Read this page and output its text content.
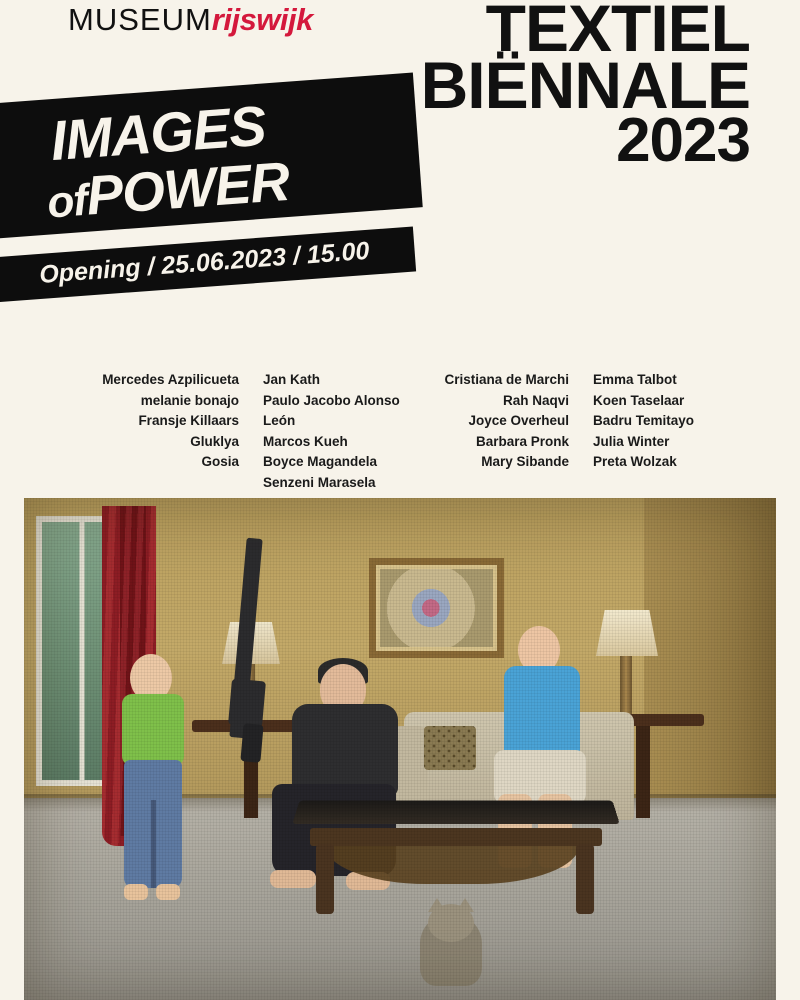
MUSEUMrijswijk	TEXTIEL
BIËNNALE
2023
IMAGES
ofPOWER
Opening / 25.06.2023 / 15.00
Mercedes Azpilicueta
melanie bonajo
Fransje Killaars
Gluklya
Gosia
Jan Kath
Paulo Jacobo Alonso León
Marcos Kueh
Boyce Magandela
Senzeni Marasela
Cristiana de Marchi
Rah Naqvi
Joyce Overheul
Barbara Pronk
Mary Sibande
Emma Talbot
Koen Taselaar
Badru Temitayo
Julia Winter
Preta Wolzak
